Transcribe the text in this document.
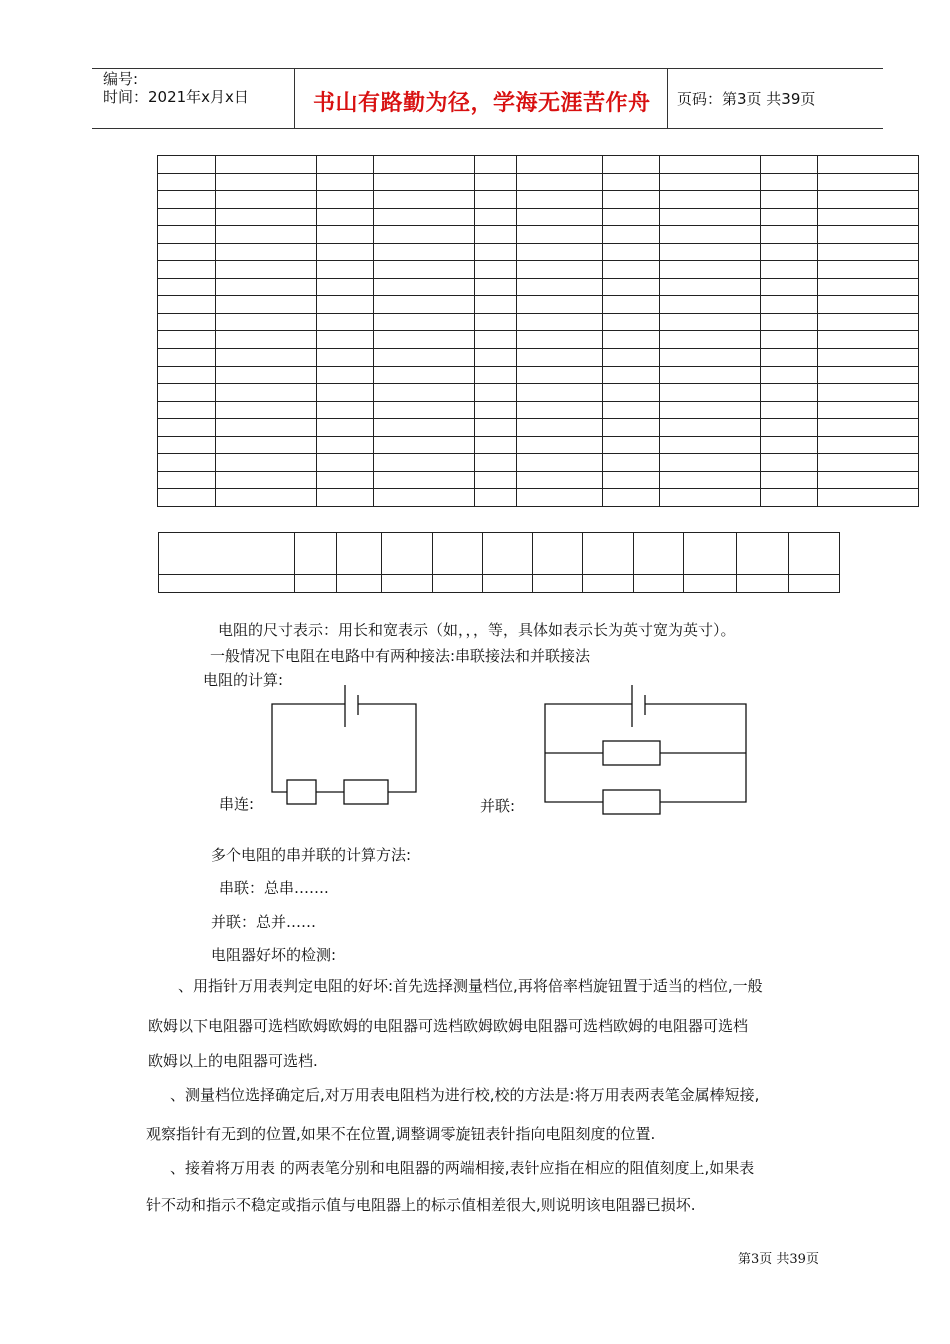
编号:
时间：2021年x月x日	书山有路勤为径，学海无涯苦作舟 页码：第3页 共39页

电阻的尺寸表示：用长和宽表示（如，，，等，具体如表示长为英寸宽为英寸）。
一般情况下电阻在电路中有两种接法:串联接法和并联接法
电阻的计算:
串连:	并联:
多个电阻的串并联的计算方法:
串联：总串…….
并联：总并……
电阻器好坏的检测:
、用指针万用表判定电阻的好坏:首先选择测量档位,再将倍率档旋钮置于适当的档位,一般
欧姆以下电阻器可选档欧姆欧姆的电阻器可选档欧姆欧姆电阻器可选档欧姆的电阻器可选档
欧姆以上的电阻器可选档.
、测量档位选择确定后,对万用表电阻档为进行校,校的方法是:将万用表两表笔金属棒短接,
观察指针有无到的位置,如果不在位置,调整调零旋钮表针指向电阻刻度的位置.
、接着将万用表 的两表笔分别和电阻器的两端相接,表针应指在相应的阻值刻度上,如果表
针不动和指示不稳定或指示值与电阻器上的标示值相差很大,则说明该电阻器已损坏.
第3页 共39页
